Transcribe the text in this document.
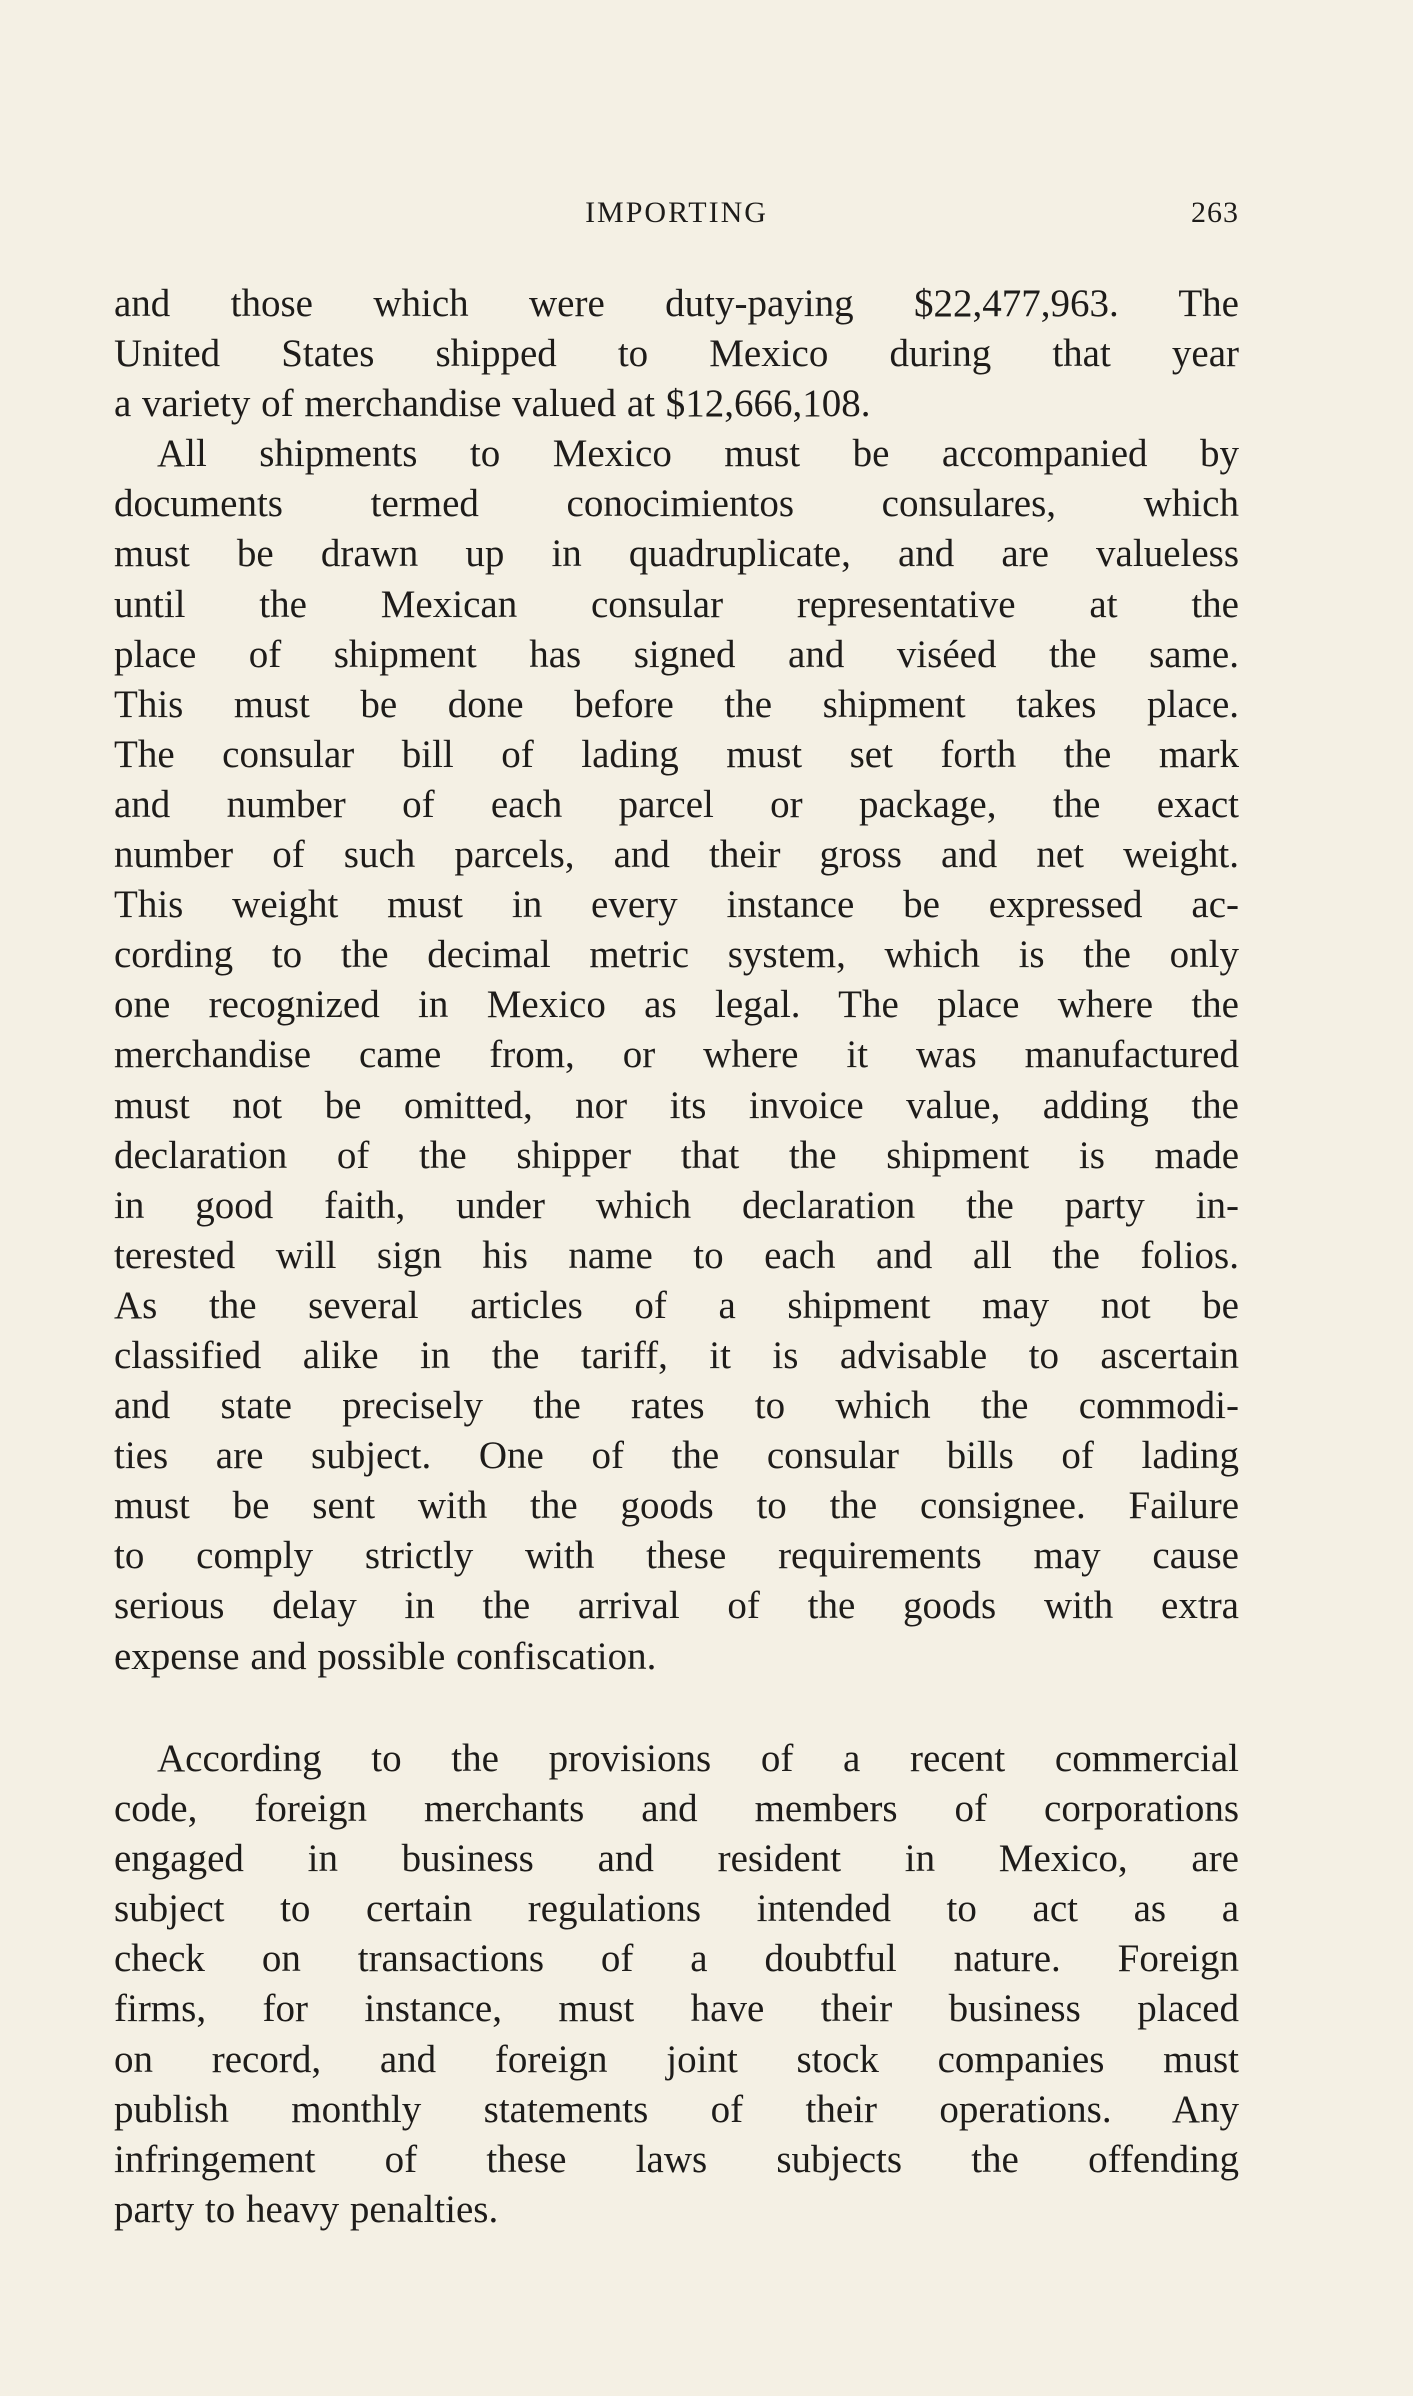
IMPORTING	263
and those which were duty-paying $22,477,963. The
United States shipped to Mexico during that year
a variety of merchandise valued at $12,666,108.
All shipments to Mexico must be accompanied by
documents termed conocimientos consulares, which
must be drawn up in quadruplicate, and are valueless
until the Mexican consular representative at the
place of shipment has signed and viséed the same.
This must be done before the shipment takes place.
The consular bill of lading must set forth the mark
and number of each parcel or package, the exact
number of such parcels, and their gross and net weight.
This weight must in every instance be expressed ac-
cording to the decimal metric system, which is the only
one recognized in Mexico as legal. The place where the
merchandise came from, or where it was manufactured
must not be omitted, nor its invoice value, adding the
declaration of the shipper that the shipment is made
in good faith, under which declaration the party in-
terested will sign his name to each and all the folios.
As the several articles of a shipment may not be
classified alike in the tariff, it is advisable to ascertain
and state precisely the rates to which the commodi-
ties are subject. One of the consular bills of lading
must be sent with the goods to the consignee. Failure
to comply strictly with these requirements may cause
serious delay in the arrival of the goods with extra
expense and possible confiscation.
According to the provisions of a recent commercial
code, foreign merchants and members of corporations
engaged in business and resident in Mexico, are
subject to certain regulations intended to act as a
check on transactions of a doubtful nature. Foreign
firms, for instance, must have their business placed
on record, and foreign joint stock companies must
publish monthly statements of their operations. Any
infringement of these laws subjects the offending
party to heavy penalties.
